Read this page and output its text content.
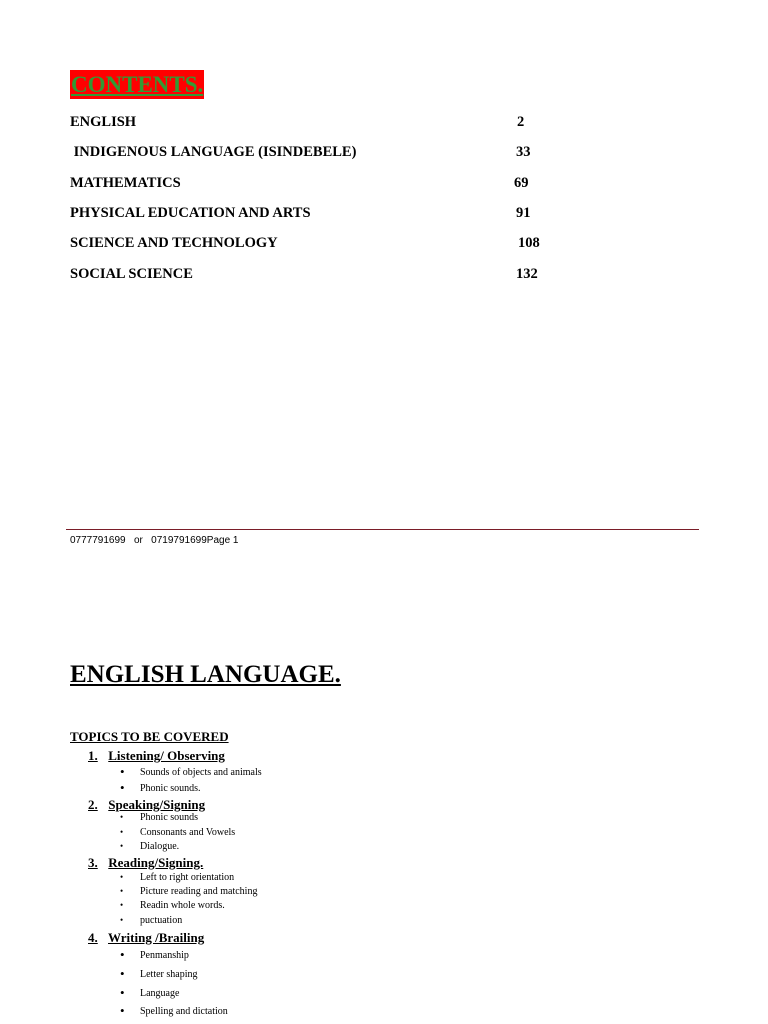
CONTENTS.
ENGLISH	2
INDIGENOUS LANGUAGE (ISINDEBELE)	33
MATHEMATICS	69
PHYSICAL EDUCATION AND ARTS	91
SCIENCE AND TECHNOLOGY	108
SOCIAL SCIENCE	132
0777791699   or   0719791699Page 1
ENGLISH LANGUAGE.
TOPICS TO BE COVERED
1. Listening/ Observing
• Sounds of objects and animals
• Phonic sounds.
2. Speaking/Signing
• Phonic sounds
• Consonants and Vowels
• Dialogue.
3. Reading/Signing.
• Left to right orientation
• Picture reading and matching
• Readin whole words.
• puctuation
4. Writing /Brailing
• Penmanship
• Letter shaping
• Language
• Spelling and dictation
